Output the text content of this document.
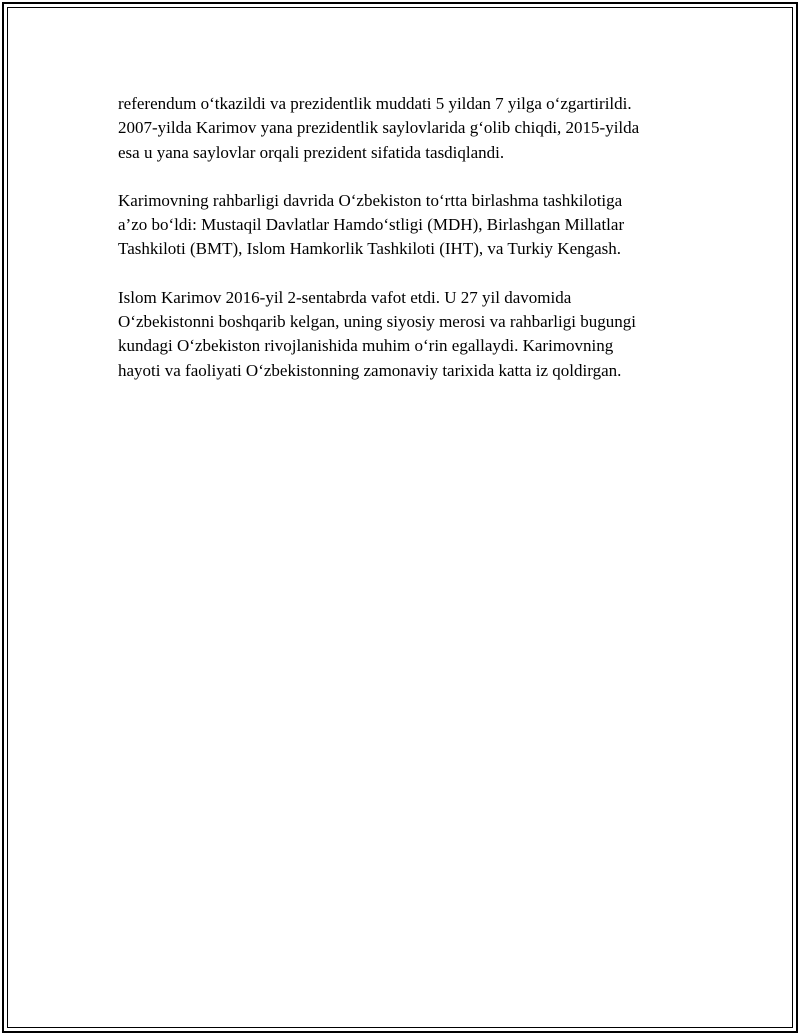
referendum o‘tkazildi va prezidentlik muddati 5 yildan 7 yilga o‘zgartirildi.
2007-yilda Karimov yana prezidentlik saylovlarida g‘olib chiqdi, 2015-yilda
esa u yana saylovlar orqali prezident sifatida tasdiqlandi.

Karimovning rahbarligi davrida O‘zbekiston to‘rtta birlashma tashkilotiga
a’zo bo‘ldi: Mustaqil Davlatlar Hamdo‘stligi (MDH), Birlashgan Millatlar
Tashkiloti (BMT), Islom Hamkorlik Tashkiloti (IHT), va Turkiy Kengash.

Islom Karimov 2016-yil 2-sentabrda vafot etdi. U 27 yil davomida
O‘zbekistonni boshqarib kelgan, uning siyosiy merosi va rahbarligi bugungi
kundagi O‘zbekiston rivojlanishida muhim o‘rin egallaydi. Karimovning
hayoti va faoliyati O‘zbekistonning zamonaviy tarixida katta iz qoldirgan.
